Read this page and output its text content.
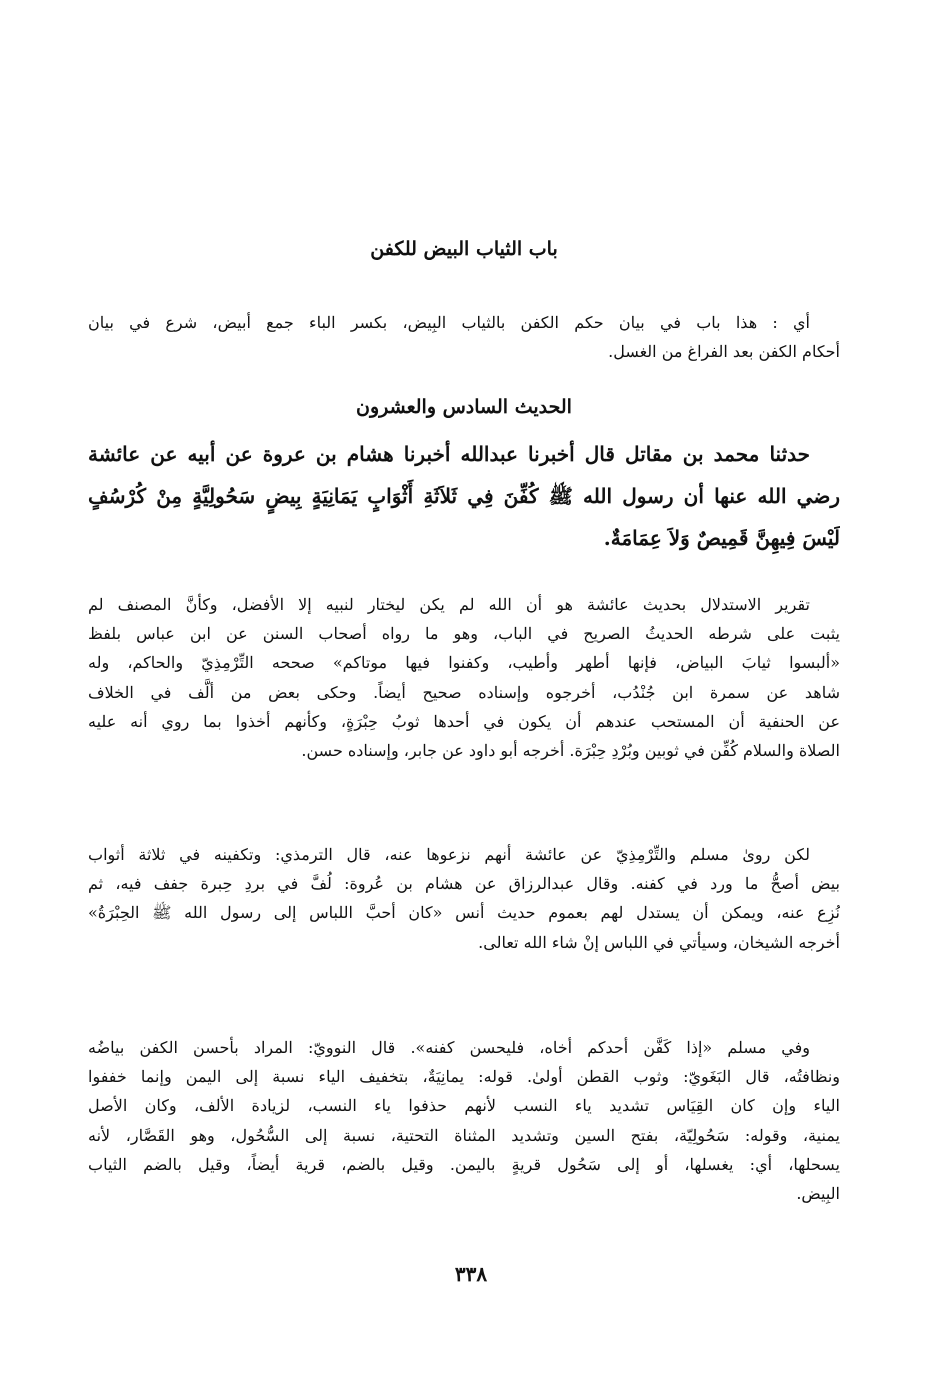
باب الثياب البيض للكفن
أي : هذا باب في بيان حكم الكفن بالثياب البِيض، بكسر الباء جمع أبيض، شرع في بيان
أحكام الكفن بعد الفراغ من الغسل.
الحديث السادس والعشرون
حدثنا محمد بن مقاتل قال أخبرنا عبدالله أخبرنا هشام بن عروة عن أبيه عن عائشة
رضي الله عنها أن رسول الله ﷺ كُفِّنَ فِي ثَلاَثَةِ أَثْوَابٍ يَمَانِيَةٍ بِيضٍ سَحُولِيَّةٍ مِنْ كُرْسُفٍ
لَيْسَ فِيهِنَّ قَمِيصٌ وَلاَ عِمَامَةٌ.
تقرير الاستدلال بحديث عائشة هو أن الله لم يكن ليختار لنبيه إلا الأفضل، وكأنَّ المصنف لم
يثبت على شرطه الحديثُ الصريح في الباب، وهو ما رواه أصحاب السنن عن ابن عباس بلفظ
«ألبسوا ثيابَ البياض، فإنها أطهر وأطيب، وكفنوا فيها موتاكم» صححه التِّرْمِذِيّ والحاكم، وله
شاهد عن سمرة ابن جُنْدُب، أخرجوه وإسناده صحيح أيضاً. وحكى بعض من ألَّف في الخلاف
عن الحنفية أن المستحب عندهم أن يكون في أحدها ثوبُ حِبْرَةٍ، وكأنهم أخذوا بما روي أنه عليه
الصلاة والسلام كُفِّن في ثوبين وبُرْدِ حِبْرَة. أخرجه أبو داود عن جابر، وإسناده حسن.
لكن روىٰ مسلم والتِّرْمِذِيّ عن عائشة أنهم نزعوها عنه، قال الترمذي: وتكفينه في ثلاثة أثواب
بيض أصحُّ ما ورد في كفنه. وقال عبدالرزاق عن هشام بن عُروة: لُفَّ في بردِ حِبرة جفف فيه، ثم
نُزِع عنه، ويمكن أن يستدل لهم بعموم حديث أنس «كان أحبَّ اللباس إلى رسول الله ﷺ الحِبْرَةُ»
أخرجه الشيخان، وسيأتي في اللباس إنْ شاء الله تعالى.
وفي مسلم «إذا كَفَّن أحدكم أخاه، فليحسن كفنه». قال النوويّ: المراد بأحسن الكفن بياضُه
ونظافتُه، قال البَغَويّ: وثوب القطن أولىٰ. قوله: يمانِيَةٌ، بتخفيف الياء نسبة إلى اليمن وإنما خففوا
الياء وإن كان القِيَاس تشديد ياء النسب لأنهم حذفوا ياء النسب، لزيادة الألف، وكان الأصل
يمنية، وقوله: سَحُولِيّة، بفتح السين وتشديد المثناة التحتية، نسبة إلى السُّحُول، وهو القَصَّار، لأنه
يسحلها، أي: يغسلها، أو إلى سَحُول قريةٍ باليمن. وقيل بالضم، قرية أيضاً، وقيل بالضم الثياب
البِيض.
٣٣٨
